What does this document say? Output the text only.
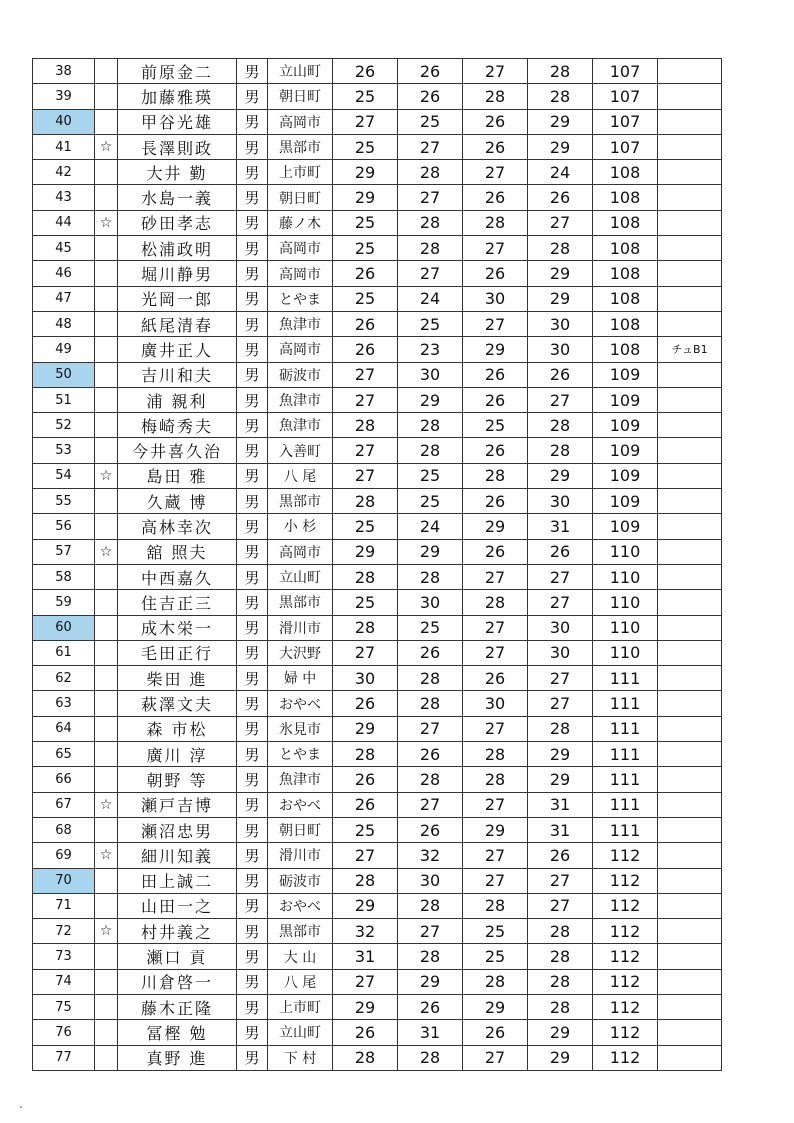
38		前原金二	男	立山町	26	26	27	28	107	
39		加藤雅瑛	男	朝日町	25	26	28	28	107	
40		甲谷光雄	男	高岡市	27	25	26	29	107	
41	☆	長澤則政	男	黒部市	25	27	26	29	107	
42		大井 勤	男	上市町	29	28	27	24	108	
43		水島一義	男	朝日町	29	27	26	26	108	
44	☆	砂田孝志	男	藤ノ木	25	28	28	27	108	
45		松浦政明	男	高岡市	25	28	27	28	108	
46		堀川静男	男	高岡市	26	27	26	29	108	
47		光岡一郎	男	とやま	25	24	30	29	108	
48		紙尾清春	男	魚津市	26	25	27	30	108	
49		廣井正人	男	高岡市	26	23	29	30	108	チュB1
50		吉川和夫	男	砺波市	27	30	26	26	109	
51		浦 親利	男	魚津市	27	29	26	27	109	
52		梅崎秀夫	男	魚津市	28	28	25	28	109	
53		今井喜久治	男	入善町	27	28	26	28	109	
54	☆	島田 雅	男	八 尾	27	25	28	29	109	
55		久蔵 博	男	黒部市	28	25	26	30	109	
56		高林幸次	男	小 杉	25	24	29	31	109	
57	☆	舘 照夫	男	高岡市	29	29	26	26	110	
58		中西嘉久	男	立山町	28	28	27	27	110	
59		住吉正三	男	黒部市	25	30	28	27	110	
60		成木栄一	男	滑川市	28	25	27	30	110	
61		毛田正行	男	大沢野	27	26	27	30	110	
62		柴田 進	男	婦 中	30	28	26	27	111	
63		萩澤文夫	男	おやべ	26	28	30	27	111	
64		森 市松	男	氷見市	29	27	27	28	111	
65		廣川 淳	男	とやま	28	26	28	29	111	
66		朝野 等	男	魚津市	26	28	28	29	111	
67	☆	瀬戸吉博	男	おやべ	26	27	27	31	111	
68		瀬沼忠男	男	朝日町	25	26	29	31	111	
69	☆	細川知義	男	滑川市	27	32	27	26	112	
70		田上誠二	男	砺波市	28	30	27	27	112	
71		山田一之	男	おやべ	29	28	28	27	112	
72	☆	村井義之	男	黒部市	32	27	25	28	112	
73		瀬口 貢	男	大 山	31	28	25	28	112	
74		川倉啓一	男	八 尾	27	29	28	28	112	
75		藤木正隆	男	上市町	29	26	29	28	112	
76		冨樫 勉	男	立山町	26	31	26	29	112	
77		真野 進	男	下 村	28	28	27	29	112	
